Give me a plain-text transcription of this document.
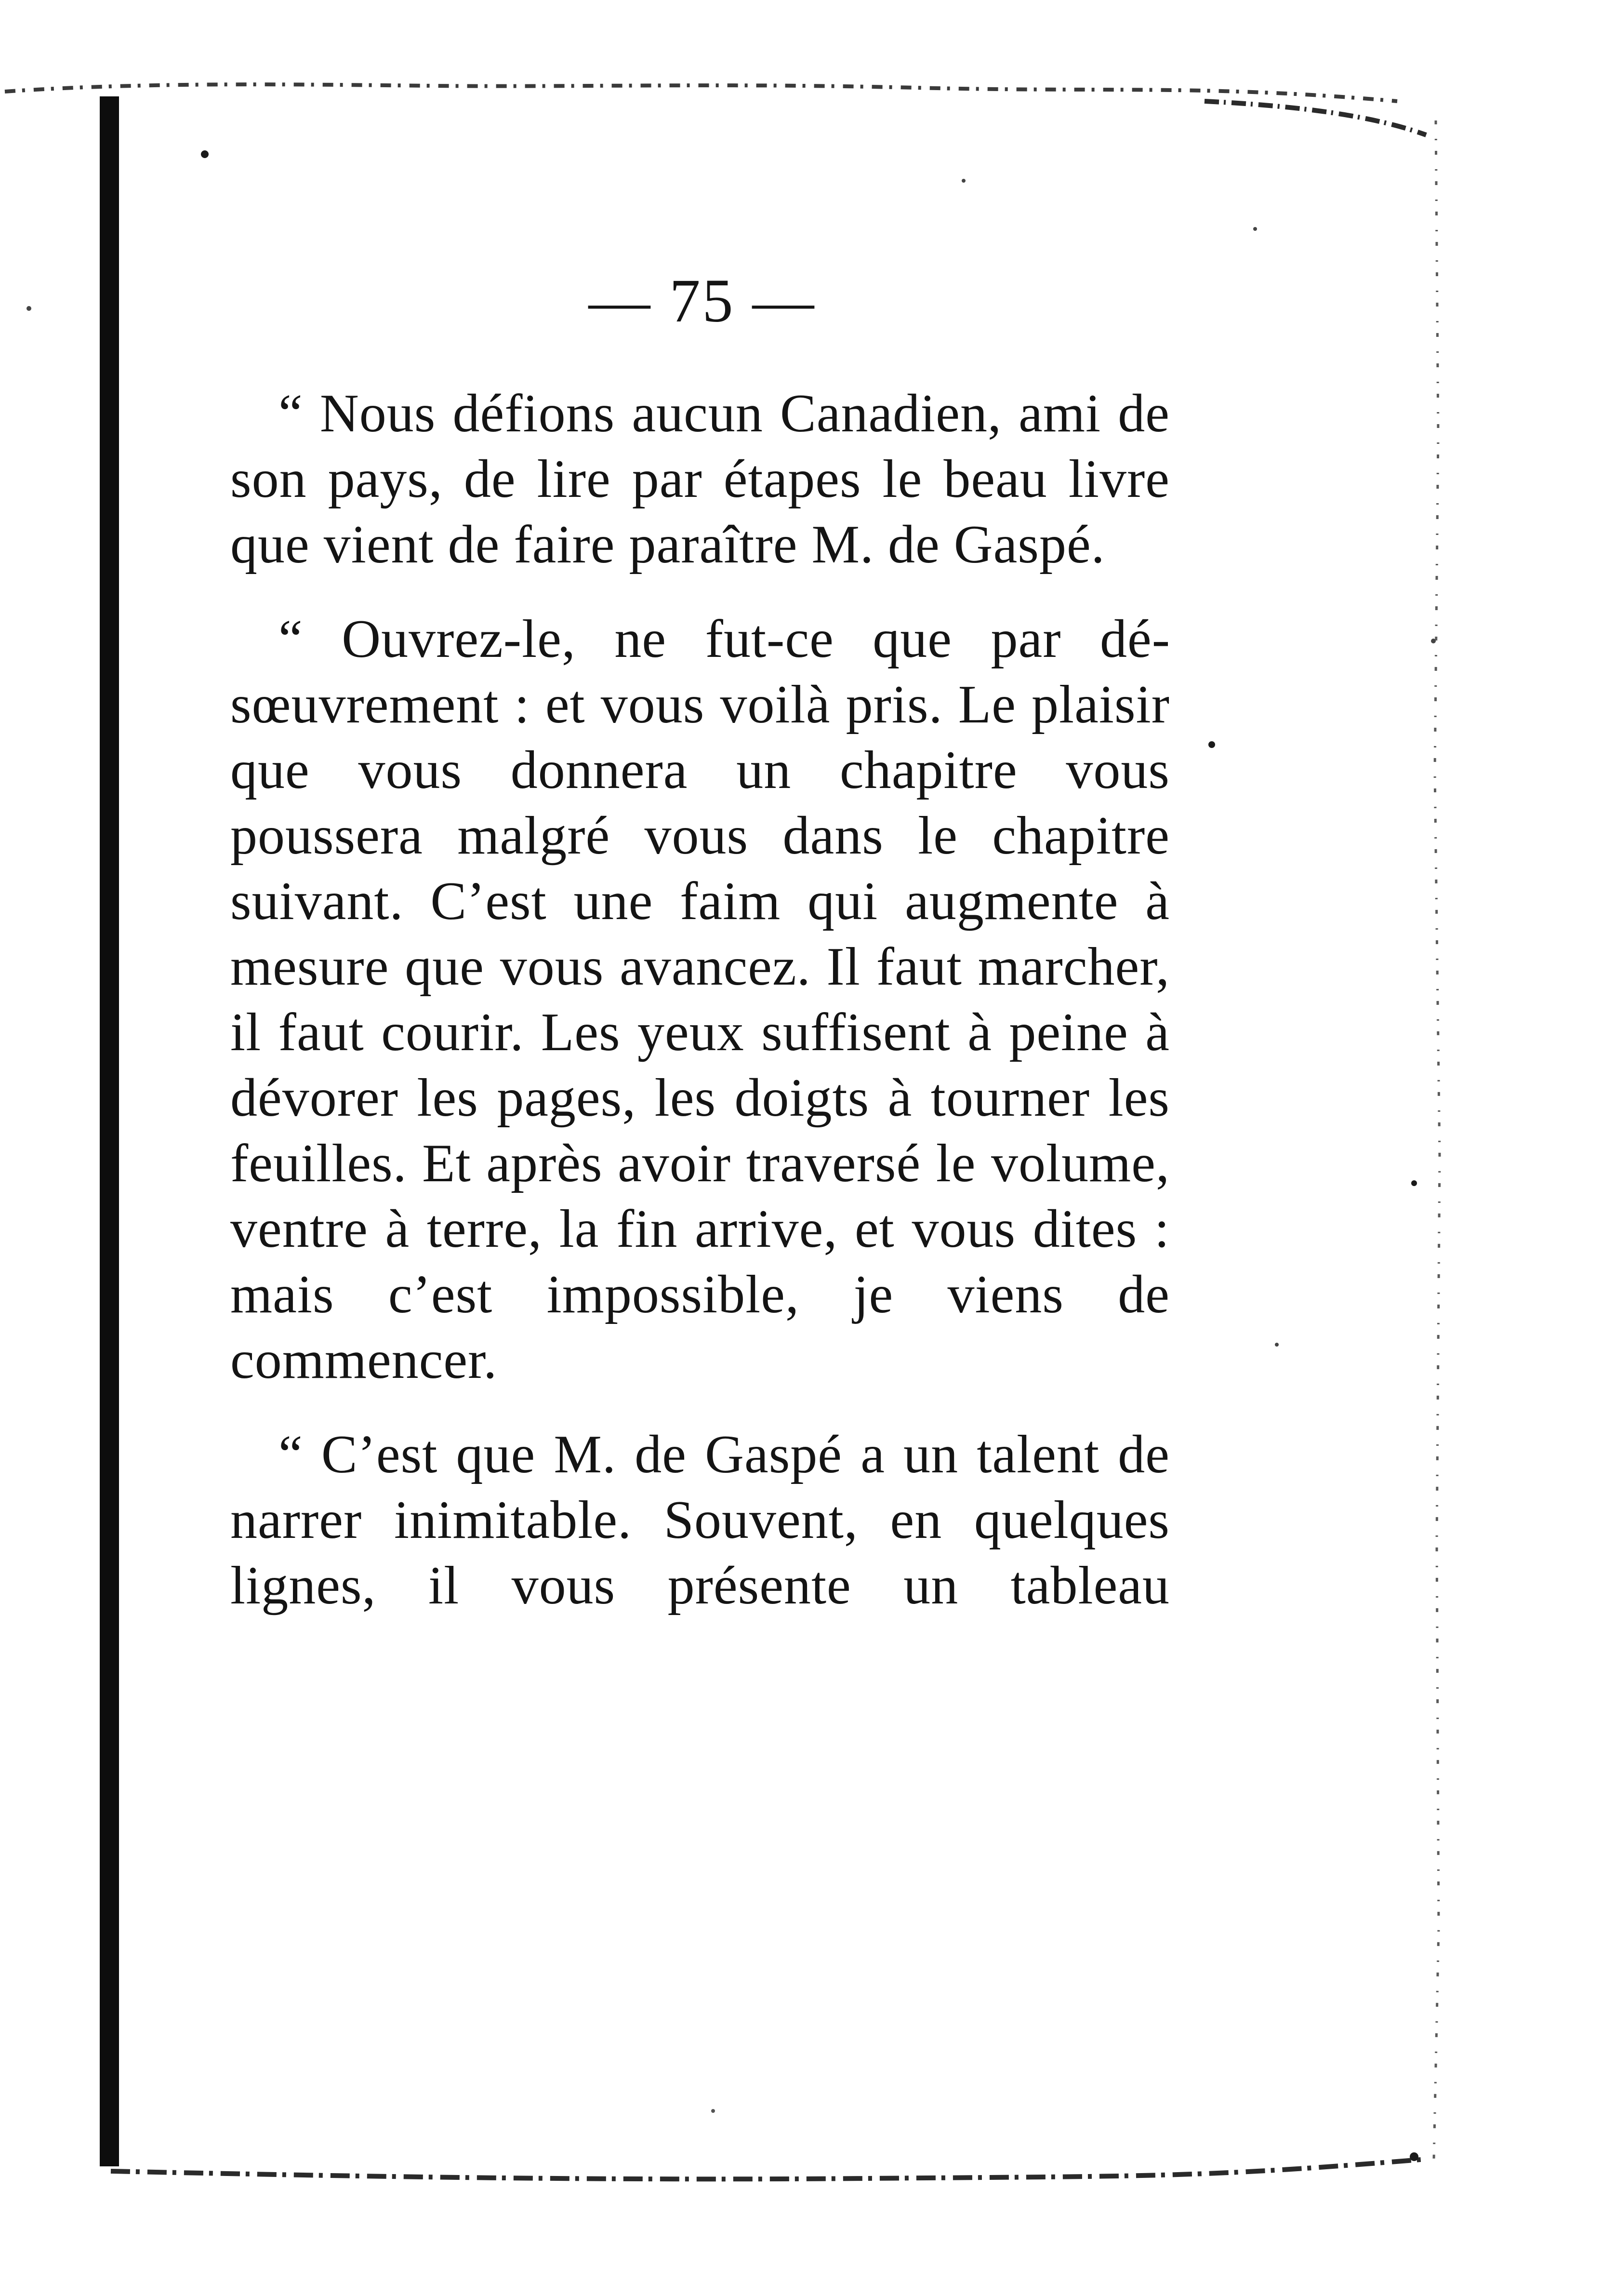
— 75 —

“ Nous défions aucun Canadien, ami de son pays, de lire par étapes le beau livre que vient de faire paraître M. de Gaspé.

“ Ouvrez-le, ne fut-ce que par désœuvrement : et vous voilà pris. Le plaisir que vous donnera un chapitre vous poussera malgré vous dans le chapitre suivant. C’est une faim qui augmente à mesure que vous avancez. Il faut marcher, il faut courir. Les yeux suffisent à peine à dévorer les pages, les doigts à tourner les feuilles. Et après avoir traversé le volume, ventre à terre, la fin arrive, et vous dites : mais c’est impossible, je viens de commencer.

“ C’est que M. de Gaspé a un talent de narrer inimitable. Souvent, en quelques lignes, il vous présente un tableau
